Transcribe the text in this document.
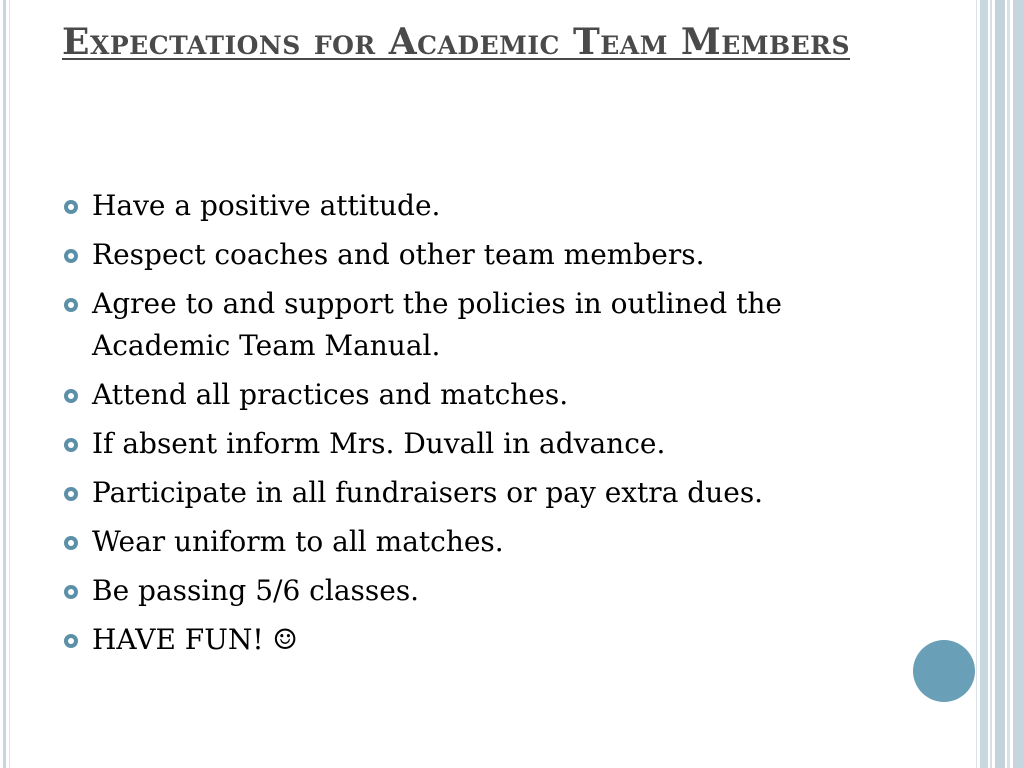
Expectations for Academic Team Members
Have a positive attitude.
Respect coaches and other team members.
Agree to and support the policies in outlined the Academic Team Manual.
Attend all practices and matches.
If absent inform Mrs. Duvall in advance.
Participate in all fundraisers or pay extra dues.
Wear uniform to all matches.
Be passing 5/6 classes.
HAVE FUN! ☺
